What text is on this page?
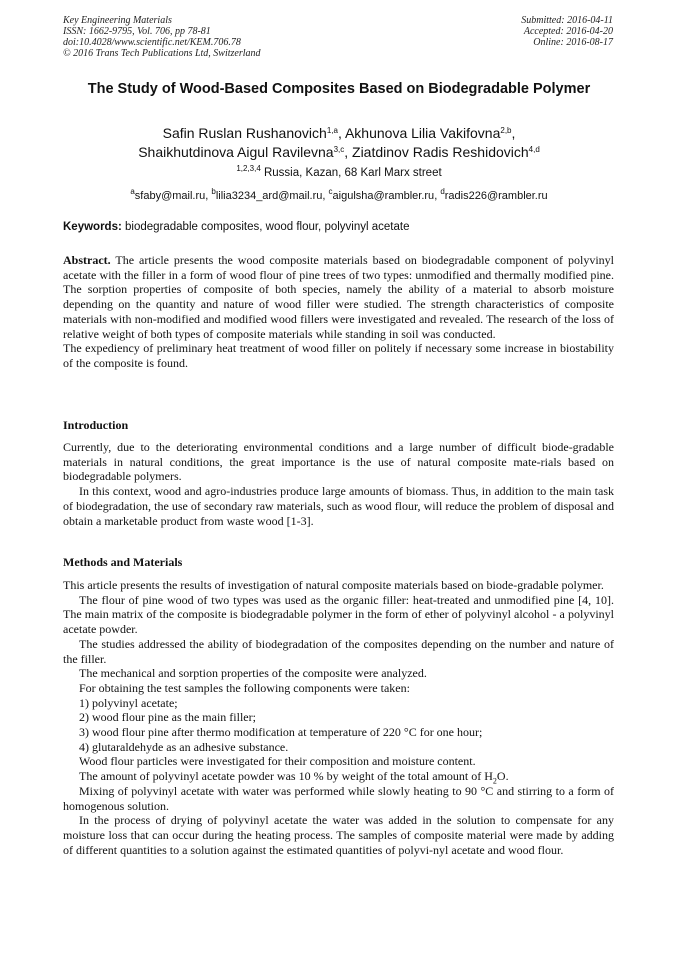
Key Engineering Materials
ISSN: 1662-9795, Vol. 706, pp 78-81
doi:10.4028/www.scientific.net/KEM.706.78
© 2016 Trans Tech Publications Ltd, Switzerland
Submitted: 2016-04-11
Accepted: 2016-04-20
Online: 2016-08-17
The Study of Wood-Based Composites Based on Biodegradable Polymer
Safin Ruslan Rushanovich$^{1,a}$, Akhunova Lilia Vakifovna$^{2,b}$,
Shaikhutdinova Aigul Ravilevna$^{3,c}$, Ziatdinov Radis Reshidovich$^{4,d}$
$^{1,2,3,4}$ Russia, Kazan, 68 Karl Marx street
$^a$sfaby@mail.ru, $^b$lilia3234_ard@mail.ru, $^c$aigulsha@rambler.ru, $^d$radis226@rambler.ru
Keywords: biodegradable composites, wood flour, polyvinyl acetate

Abstract. The article presents the wood composite materials based on biodegradable component of polyvinyl acetate with the filler in a form of wood flour of pine trees of two types: unmodified and thermally modified pine. The sorption properties of composite of both species, namely the ability of a material to absorb moisture depending on the quantity and nature of wood filler were studied. The strength characteristics of composite materials with non-modified and modified wood fillers were investigated and revealed. The research of the loss of relative weight of both types of composite materials while standing in soil was conducted.

The expediency of preliminary heat treatment of wood filler on politely if necessary some increase in biostability of the composite is found.

Introduction

Currently, due to the deteriorating environmental conditions and a large number of difficult biode-gradable materials in natural conditions, the great importance is the use of natural composite mate-rials based on biodegradable polymers.

In this context, wood and agro-industries produce large amounts of biomass. Thus, in addition to the main task of biodegradation, the use of secondary raw materials, such as wood flour, will reduce the problem of disposal and obtain a marketable product from waste wood [1-3].

Methods and Materials

This article presents the results of investigation of natural composite materials based on biode-gradable polymer.

The flour of pine wood of two types was used as the organic filler: heat-treated and unmodified pine [4, 10]. The main matrix of the composite is biodegradable polymer in the form of ether of polyvinyl alcohol - a polyvinyl acetate powder.

The studies addressed the ability of biodegradation of the composites depending on the number and nature of the filler.

The mechanical and sorption properties of the composite were analyzed.

For obtaining the test samples the following components were taken:

1) polyvinyl acetate;

2) wood flour pine as the main filler;

3) wood flour pine after thermo modification at temperature of 220 °C for one hour;

4) glutaraldehyde as an adhesive substance.

Wood flour particles were investigated for their composition and moisture content.

The amount of polyvinyl acetate powder was 10 % by weight of the total amount of $H_2O$.

Mixing of polyvinyl acetate with water was performed while slowly heating to 90 °C and stirring to a form of homogenous solution.

In the process of drying of polyvinyl acetate the water was added in the solution to compensate for any moisture loss that can occur during the heating process. The samples of composite material were made by adding of different quantities to a solution against the estimated quantities of polyvi-nyl acetate and wood flour.
